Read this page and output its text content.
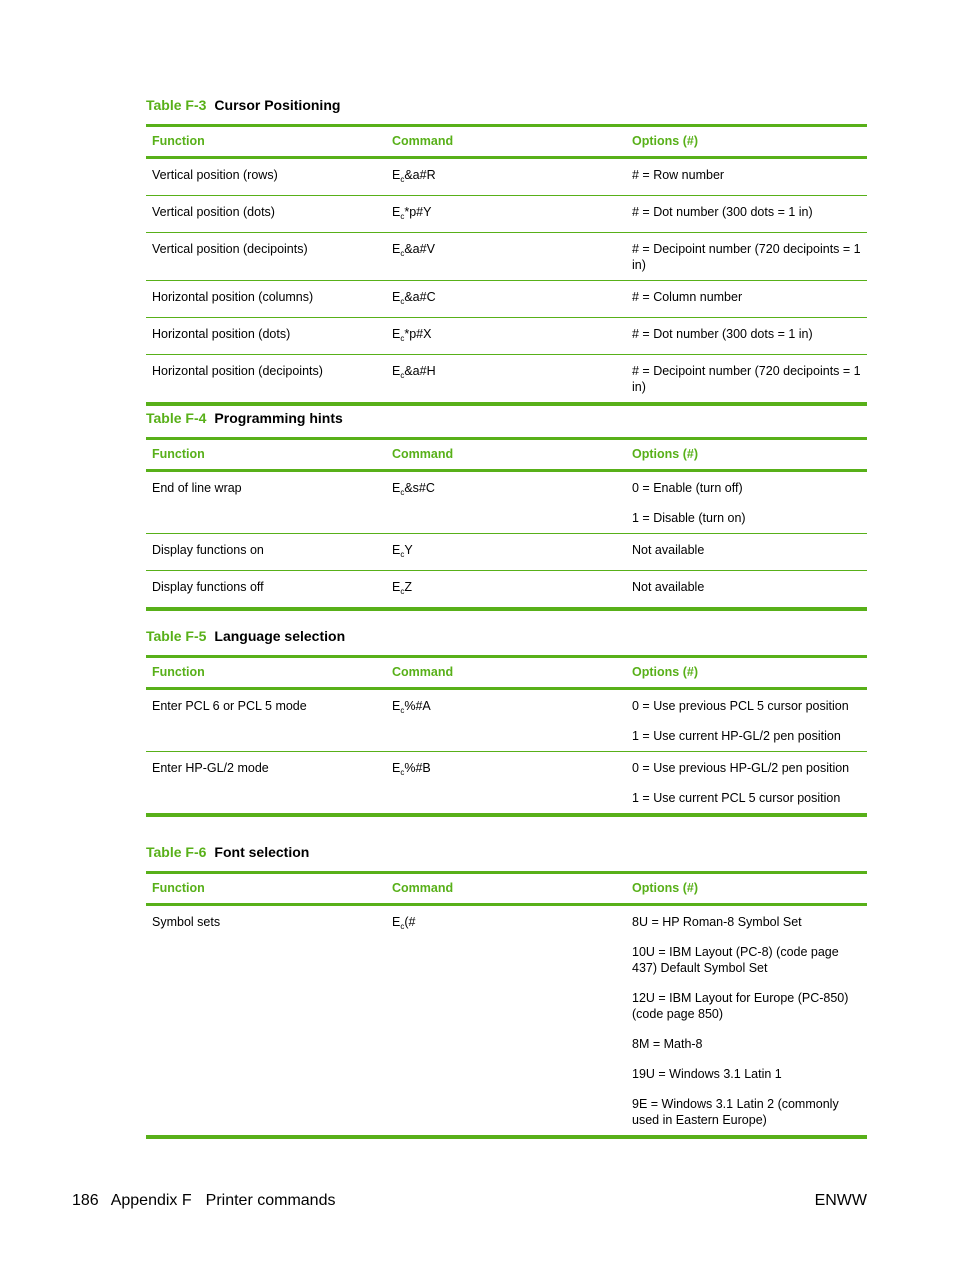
Table F-3 Cursor Positioning
Function	Command	Options (#)
Vertical position (rows)	$E_c\&a\#R$	# = Row number
Vertical position (dots)	$E_c*p\#Y$	# = Dot number (300 dots = 1 in)
Vertical position (decipoints)	$E_c\&a\#V$	# = Decipoint number (720 decipoints = 1 in)
Horizontal position (columns)	$E_c\&a\#C$	# = Column number
Horizontal position (dots)	$E_c*p\#X$	# = Dot number (300 dots = 1 in)
Horizontal position (decipoints)	$E_c\&a\#H$	# = Decipoint number (720 decipoints = 1 in)
Table F-4 Programming hints
Function	Command	Options (#)
End of line wrap	$E_c\&s\#C$	0 = Enable (turn off)
1 = Disable (turn on)
Display functions on	$E_cY$	Not available
Display functions off	$E_cZ$	Not available
Table F-5 Language selection
Function	Command	Options (#)
Enter PCL 6 or PCL 5 mode	$E_c\%\#A$	0 = Use previous PCL 5 cursor position
1 = Use current HP-GL/2 pen position
Enter HP-GL/2 mode	$E_c\%\#B$	0 = Use previous HP-GL/2 pen position
1 = Use current PCL 5 cursor position
Table F-6 Font selection
Function	Command	Options (#)
Symbol sets	$E_c(\#$	8U = HP Roman-8 Symbol Set
10U = IBM Layout (PC-8) (code page 437) Default Symbol Set
12U = IBM Layout for Europe (PC-850) (code page 850)
8M = Math-8
19U = Windows 3.1 Latin 1
9E = Windows 3.1 Latin 2 (commonly used in Eastern Europe)
186 Appendix F Printer commands	ENWW
